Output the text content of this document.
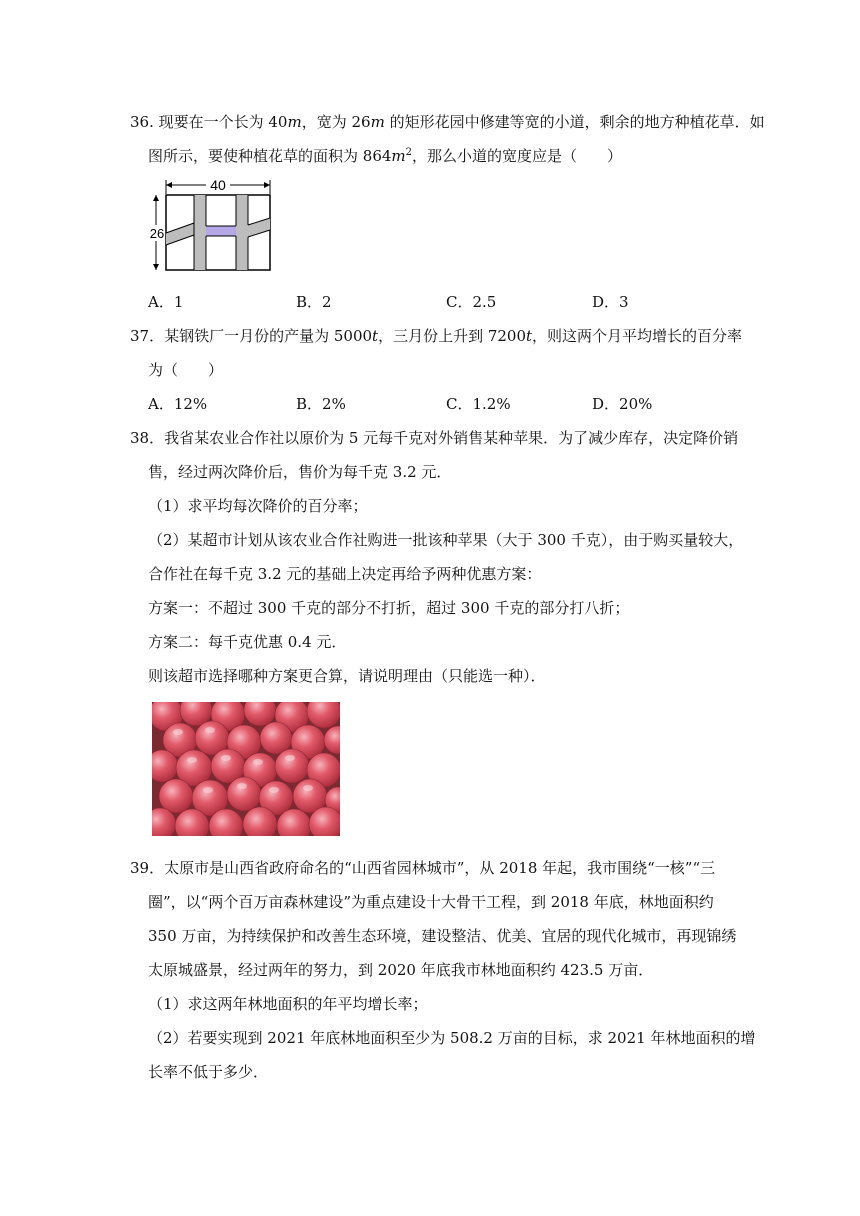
36. 现要在一个长为 40m，宽为 26m 的矩形花园中修建等宽的小道，剩余的地方种植花草．如
图所示，要使种植花草的面积为 $864m^2$，那么小道的宽度应是（　　）
40
26
A．1	B．2	C．2.5	D．3
37．某钢铁厂一月份的产量为 5000t，三月份上升到 7200t，则这两个月平均增长的百分率
为（　　）
A．12%	B．2%	C．1.2%	D．20%
38．我省某农业合作社以原价为 5 元每千克对外销售某种苹果．为了减少库存，决定降价销
售，经过两次降价后，售价为每千克 3.2 元．
（1）求平均每次降价的百分率；
（2）某超市计划从该农业合作社购进一批该种苹果（大于 300 千克），由于购买量较大，
合作社在每千克 3.2 元的基础上决定再给予两种优惠方案：
方案一：不超过 300 千克的部分不打折，超过 300 千克的部分打八折；
方案二：每千克优惠 0.4 元．
则该超市选择哪种方案更合算，请说明理由（只能选一种）．
39．太原市是山西省政府命名的“山西省园林城市”，从 2018 年起，我市围绕“一核”“三
圈”，以“两个百万亩森林建设”为重点建设十大骨干工程，到 2018 年底，林地面积约
350 万亩，为持续保护和改善生态环境，建设整洁、优美、宜居的现代化城市，再现锦绣
太原城盛景，经过两年的努力，到 2020 年底我市林地面积约 423.5 万亩．
（1）求这两年林地面积的年平均增长率；
（2）若要实现到 2021 年底林地面积至少为 508.2 万亩的目标，求 2021 年林地面积的增
长率不低于多少．
